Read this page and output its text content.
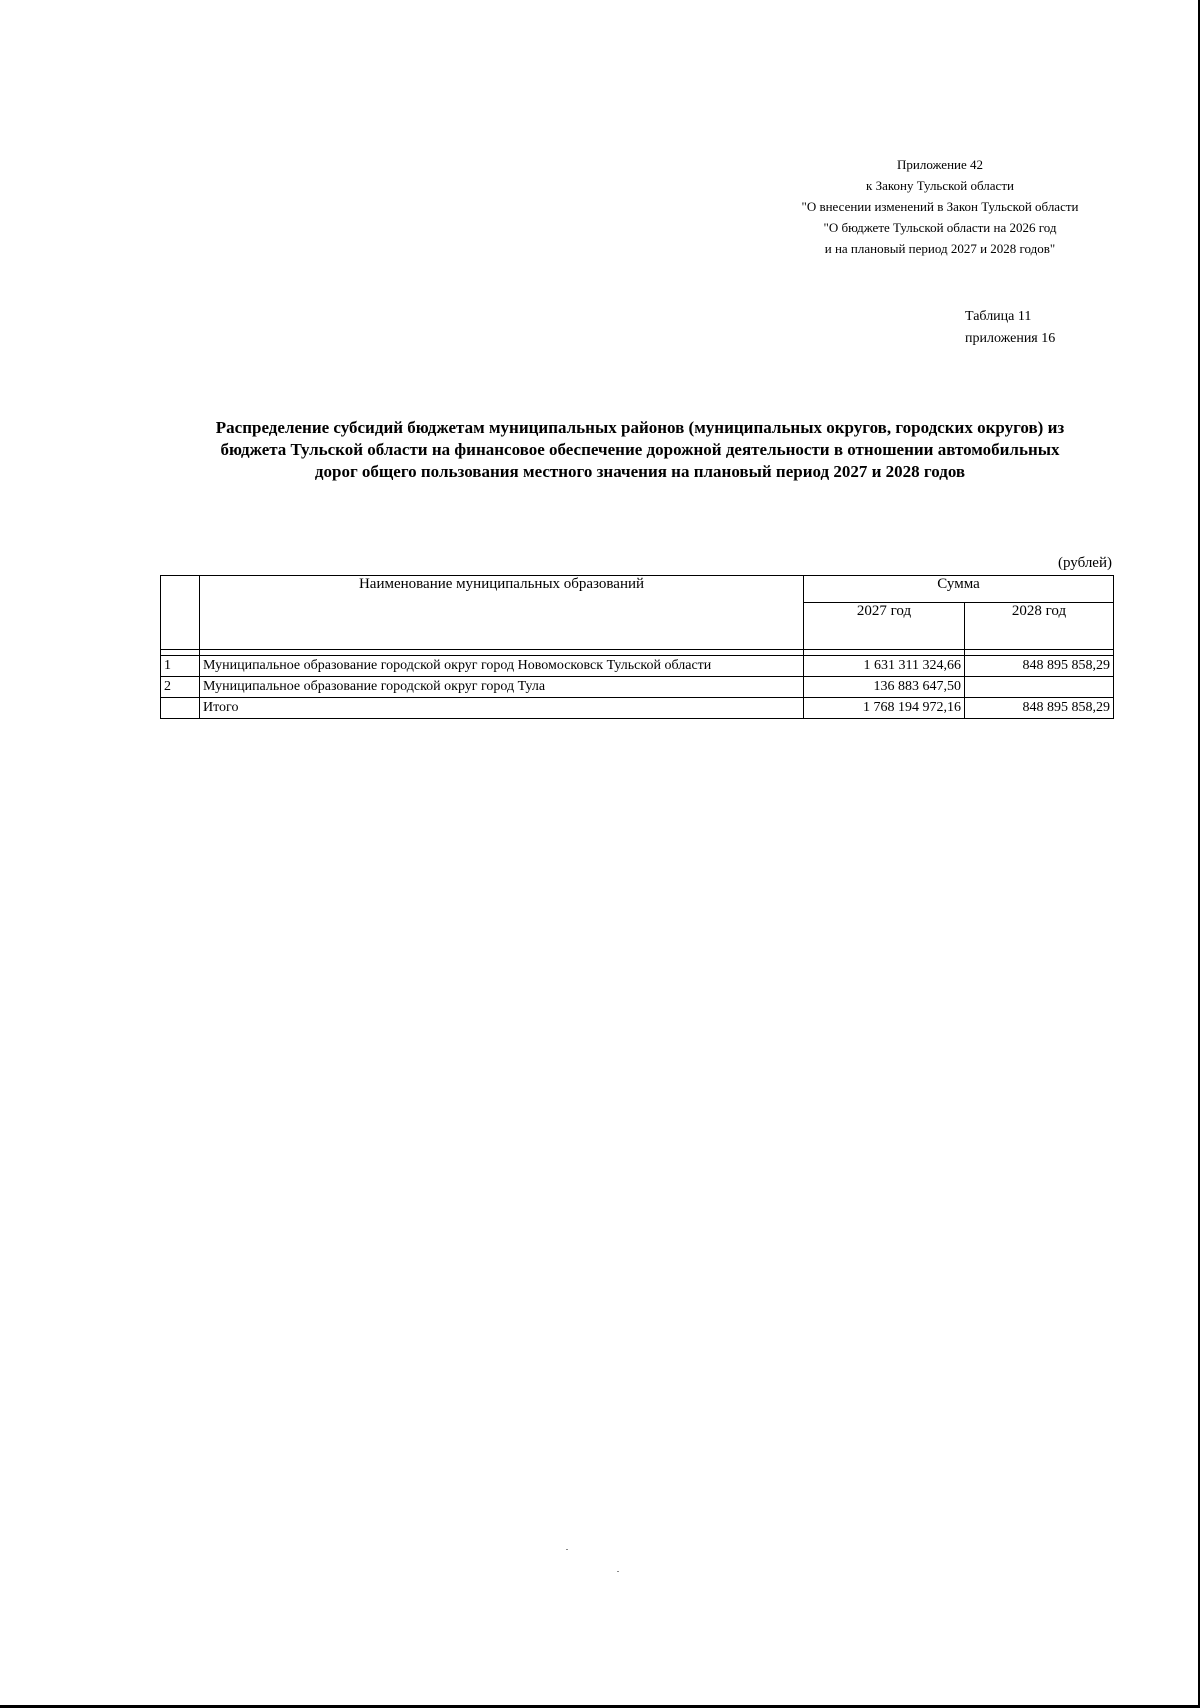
Приложение 42
к Закону Тульской области
"О внесении изменений в Закон Тульской области
"О бюджете Тульской области на 2026 год
и на плановый период 2027 и 2028 годов"
Таблица 11
приложения 16
Распределение субсидий бюджетам муниципальных районов (муниципальных округов, городских округов) из
бюджета Тульской области на финансовое обеспечение дорожной деятельности в отношении автомобильных
дорог общего пользования местного значения на плановый период 2027 и 2028 годов
(рублей)
	Наименование муниципальных образований	Сумма	
		2027 год	2028 год

1	Муниципальное образование городской округ город Новомосковск Тульской области	1 631 311 324,66	848 895 858,29
2	Муниципальное образование городской округ город Тула	136 883 647,50	
	Итого	1 768 194 972,16	848 895 858,29
